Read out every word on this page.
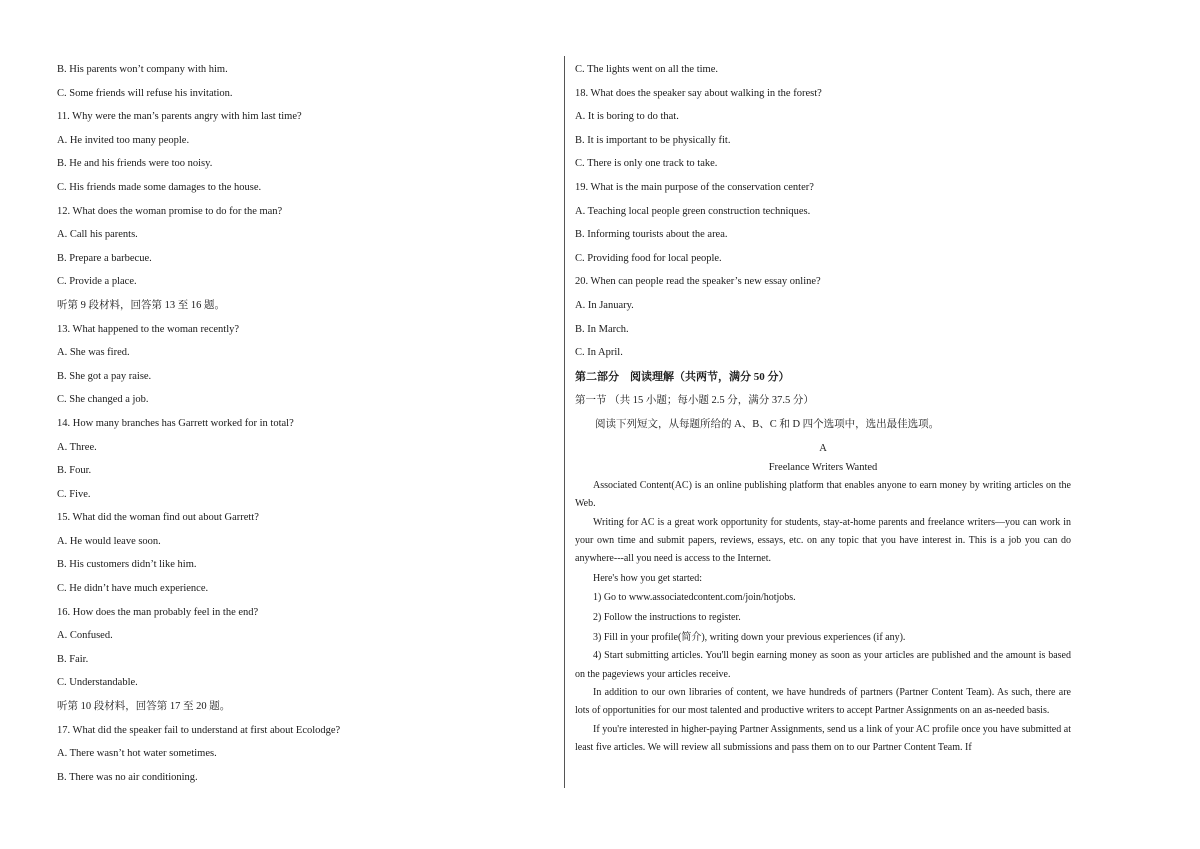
B. His parents won’t company with him.
C. Some friends will refuse his invitation.
11. Why were the man’s parents angry with him last time?
A. He invited too many people.
B. He and his friends were too noisy.
C. His friends made some damages to the house.
12. What does the woman promise to do for the man?
A. Call his parents.
B. Prepare a barbecue.
C. Provide a place.
听第 9 段材料，回答第 13 至 16 题。
13. What happened to the woman recently?
A. She was fired.
B. She got a pay raise.
C. She changed a job.
14. How many branches has Garrett worked for in total?
A. Three.
B. Four.
C. Five.
15. What did the woman find out about Garrett?
A. He would leave soon.
B. His customers didn’t like him.
C. He didn’t have much experience.
16. How does the man probably feel in the end?
A. Confused.
B. Fair.
C. Understandable.
听第 10 段材料，回答第 17 至 20 题。
17. What did the speaker fail to understand at first about Ecolodge?
A. There wasn’t hot water sometimes.
B. There was no air conditioning.
C. The lights went on all the time.
18. What does the speaker say about walking in the forest?
A. It is boring to do that.
B. It is important to be physically fit.
C. There is only one track to take.
19. What is the main purpose of the conservation center?
A. Teaching local people green construction techniques.
B. Informing tourists about the area.
C. Providing food for local people.
20. When can people read the speaker’s new essay online?
A. In January.
B. In March.
C. In April.
第二部分　阅读理解（共两节，满分 50 分）
第一节 （共 15 小题；每小题 2.5 分，满分 37.5 分）
阅读下列短文，从每题所给的 A、B、C 和 D 四个选项中，选出最佳选项。
A
Freelance Writers Wanted
Associated Content(AC) is an online publishing platform that enables anyone to earn money by writing articles on the Web.
Writing for AC is a great work opportunity for students, stay-at-home parents and freelance writers—you can work in your own time and submit papers, reviews, essays, etc. on any topic that you have interest in. This is a job you can do anywhere---all you need is access to the Internet.
Here's how you get started:
1) Go to www.associatedcontent.com/join/hotjobs.
2) Follow the instructions to register.
3) Fill in your profile(简介), writing down your previous experiences (if any).
4) Start submitting articles. You'll begin earning money as soon as your articles are published and the amount is based on the pageviews your articles receive.
In addition to our own libraries of content, we have hundreds of partners (Partner Content Team). As such, there are lots of opportunities for our most talented and productive writers to accept Partner Assignments on an as-needed basis.
If you're interested in higher-paying Partner Assignments, send us a link of your AC profile once you have submitted at least five articles. We will review all submissions and pass them on to our Partner Content Team. If
